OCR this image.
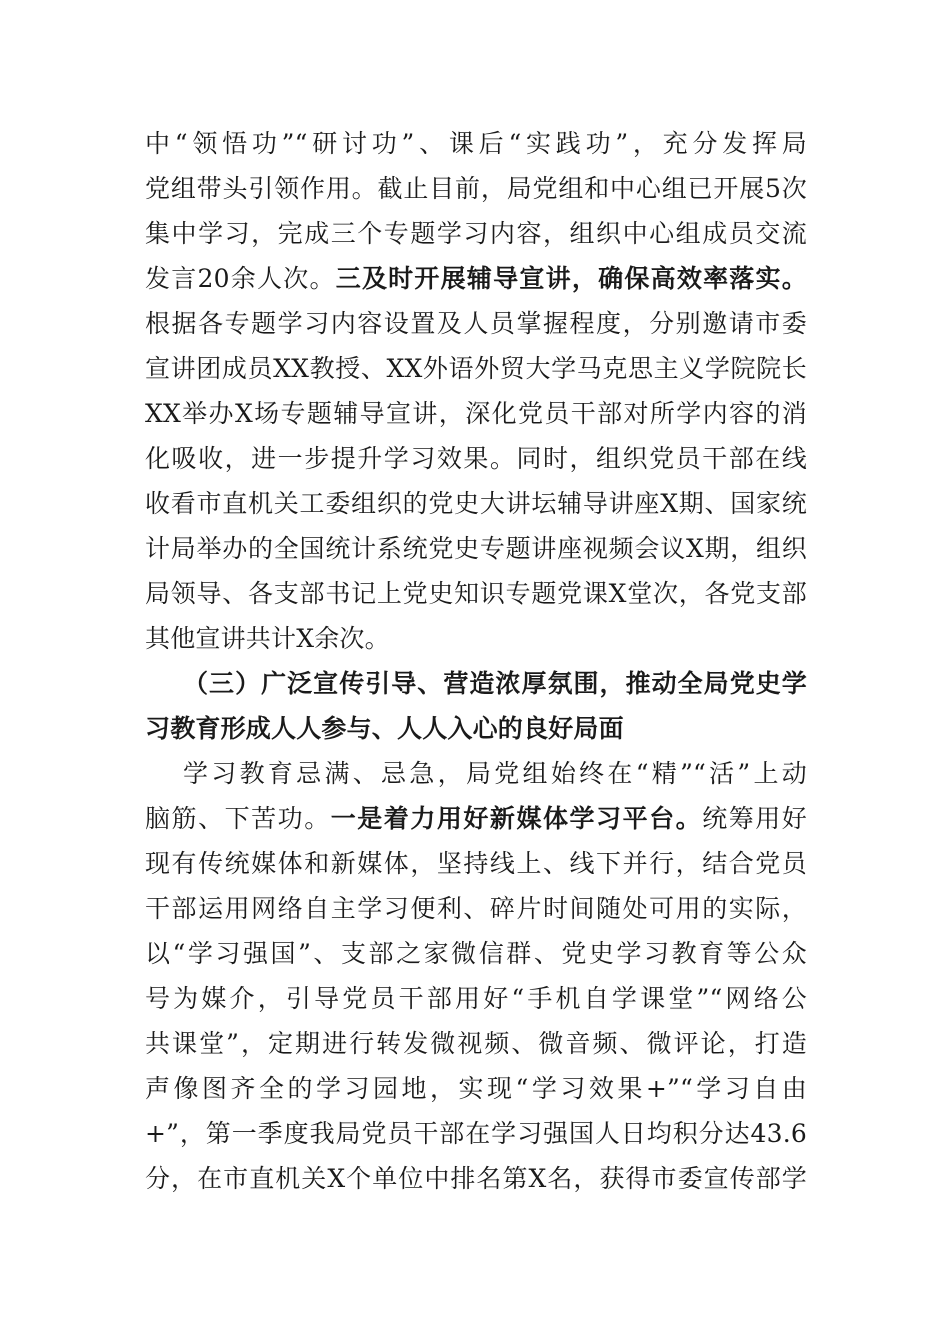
中“领悟功”“研讨功”、课后“实践功”，充分发挥局
党组带头引领作用。截止目前，局党组和中心组已开展5次
集中学习，完成三个专题学习内容，组织中心组成员交流
发言20余人次。三及时开展辅导宣讲，确保高效率落实。
根据各专题学习内容设置及人员掌握程度，分别邀请市委
宣讲团成员XX教授、XX外语外贸大学马克思主义学院院长
XX举办X场专题辅导宣讲，深化党员干部对所学内容的消
化吸收，进一步提升学习效果。同时，组织党员干部在线
收看市直机关工委组织的党史大讲坛辅导讲座X期、国家统
计局举办的全国统计系统党史专题讲座视频会议X期，组织
局领导、各支部书记上党史知识专题党课X堂次，各党支部
其他宣讲共计X余次。
（三）广泛宣传引导、营造浓厚氛围，推动全局党史学
习教育形成人人参与、人人入心的良好局面
学习教育忌满、忌急，局党组始终在“精”“活”上动
脑筋、下苦功。一是着力用好新媒体学习平台。统筹用好
现有传统媒体和新媒体，坚持线上、线下并行，结合党员
干部运用网络自主学习便利、碎片时间随处可用的实际，
以“学习强国”、支部之家微信群、党史学习教育等公众
号为媒介，引导党员干部用好“手机自学课堂”“网络公
共课堂”，定期进行转发微视频、微音频、微评论，打造
声像图齐全的学习园地，实现“学习效果+”“学习自由
+”，第一季度我局党员干部在学习强国人日均积分达43.6
分，在市直机关X个单位中排名第X名，获得市委宣传部学
